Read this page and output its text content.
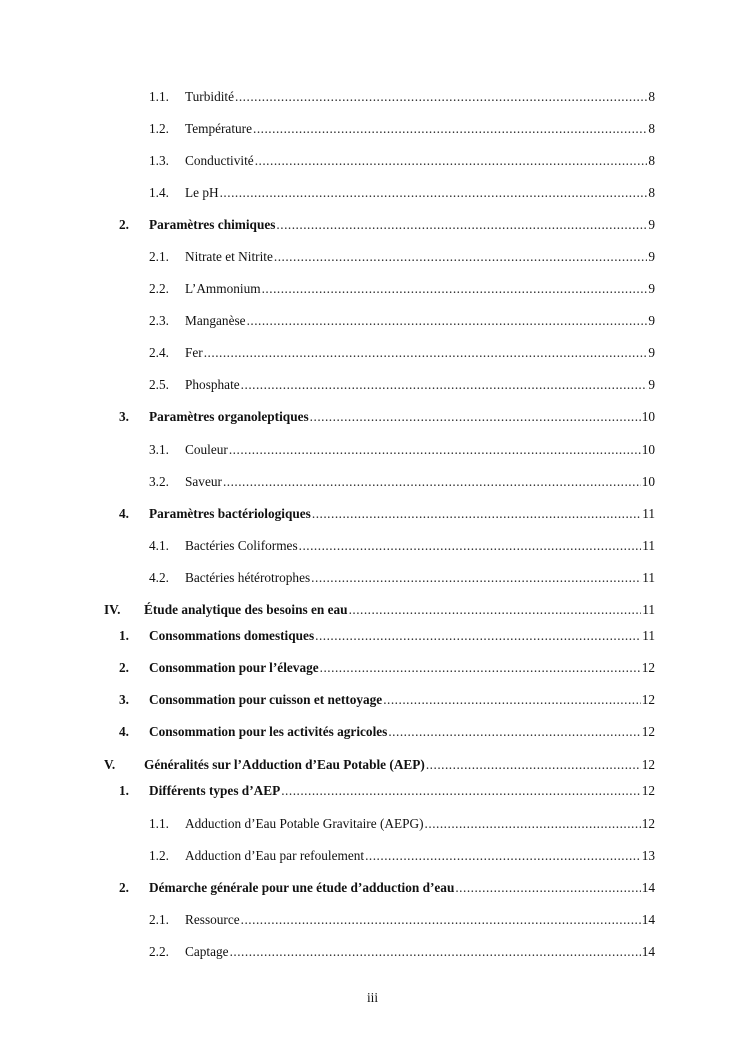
1.1. Turbidité .....	8
1.2. Température .....	8
1.3. Conductivité .....	8
1.4. Le pH .....	8
2. Paramètres chimiques .....	9
2.1. Nitrate et Nitrite .....	9
2.2. L’Ammonium .....	9
2.3. Manganèse .....	9
2.4. Fer .....	9
2.5. Phosphate .....	9
3. Paramètres organoleptiques .....	10
3.1. Couleur .....	10
3.2. Saveur .....	10
4. Paramètres bactériologiques .....	11
4.1. Bactéries Coliformes .....	11
4.2. Bactéries hétérotrophes .....	11
IV. Étude analytique des besoins en eau .....	11
1. Consommations domestiques .....	11
2. Consommation pour l’élevage .....	12
3. Consommation pour cuisson et nettoyage .....	12
4. Consommation pour les activités agricoles .....	12
V. Généralités sur l’Adduction d’Eau Potable (AEP) .....	12
1. Différents types d’AEP .....	12
1.1. Adduction d’Eau Potable Gravitaire (AEPG) .....	12
1.2. Adduction d’Eau par refoulement .....	13
2. Démarche générale pour une étude d’adduction d’eau .....	14
2.1. Ressource .....	14
2.2. Captage .....	14
iii
